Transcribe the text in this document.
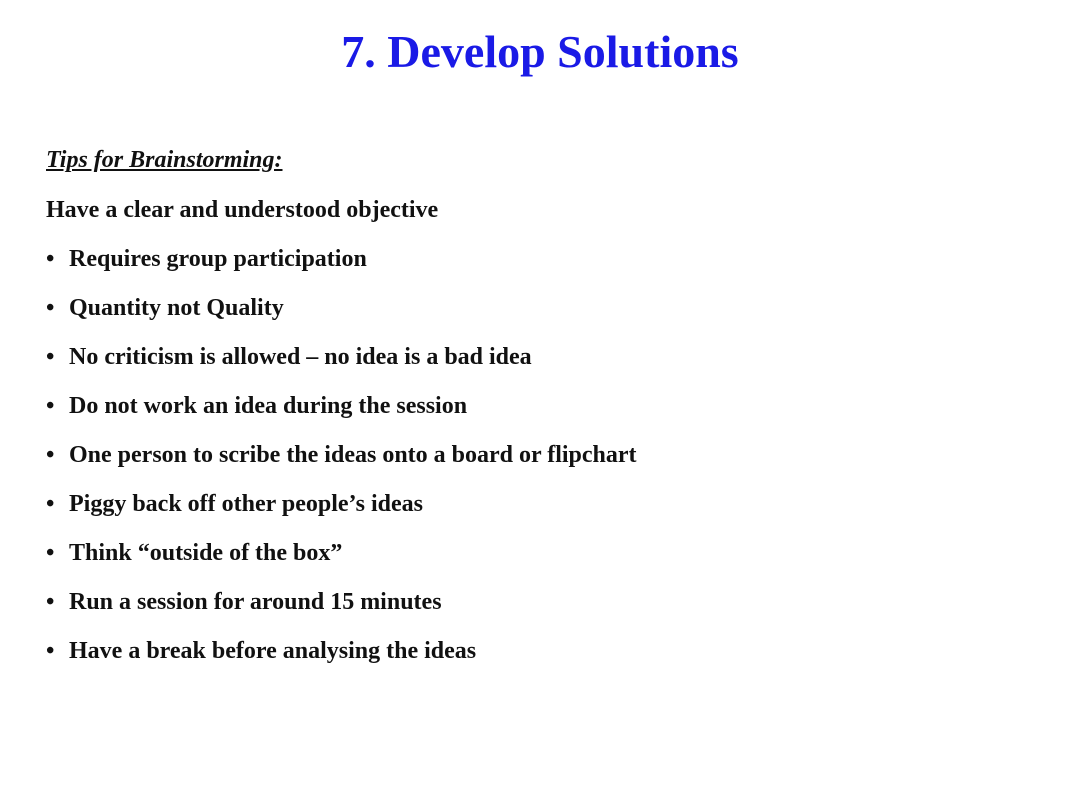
7. Develop Solutions

Tips for Brainstorming:

Have a clear and understood objective

• Requires group participation
• Quantity not Quality
• No criticism is allowed – no idea is a bad idea
• Do not work an idea during the session
• One person to scribe the ideas onto a board or flipchart
• Piggy back off other people’s ideas
• Think “outside of the box”
• Run a session for around 15 minutes
• Have a break before analysing the ideas
